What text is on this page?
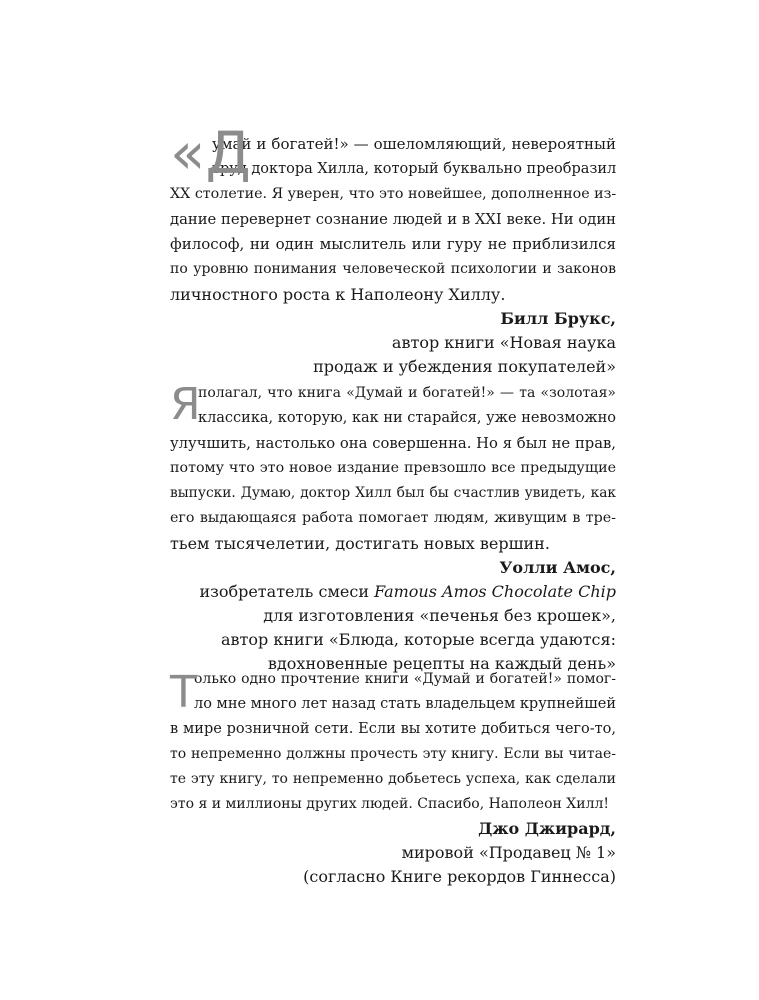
«Д
умай и богатей!» — ошеломляющий, невероятный
труд доктора Хилла, который буквально преобразил
XX столетие. Я уверен, что это новейшее, дополненное из-
дание перевернет сознание людей и в XXI веке. Ни один
философ, ни один мыслитель или гуру не приблизился
по уровню понимания человеческой психологии и законов
личностного роста к Наполеону Хиллу.
Билл Брукс,
автор книги «Новая наука
продаж и убеждения покупателей»
Я
полагал, что книга «Думай и богатей!» — та «золотая»
классика, которую, как ни старайся, уже невозможно
улучшить, настолько она совершенна. Но я был не прав,
потому что это новое издание превзошло все предыдущие
выпуски. Думаю, доктор Хилл был бы счастлив увидеть, как
его выдающаяся работа помогает людям, живущим в тре-
тьем тысячелетии, достигать новых вершин.
Уолли Амос,
изобретатель смеси Famous Amos Chocolate Chip
для изготовления «печенья без крошек»,
автор книги «Блюда, которые всегда удаются:
вдохновенные рецепты на каждый день»
Т
олько одно прочтение книги «Думай и богатей!» помог-
ло мне много лет назад стать владельцем крупнейшей
в мире розничной сети. Если вы хотите добиться чего-то,
то непременно должны прочесть эту книгу. Если вы читае-
те эту книгу, то непременно добьетесь успеха, как сделали
это я и миллионы других людей. Спасибо, Наполеон Хилл!
Джо Джирард,
мировой «Продавец № 1»
(согласно Книге рекордов Гиннесса)
